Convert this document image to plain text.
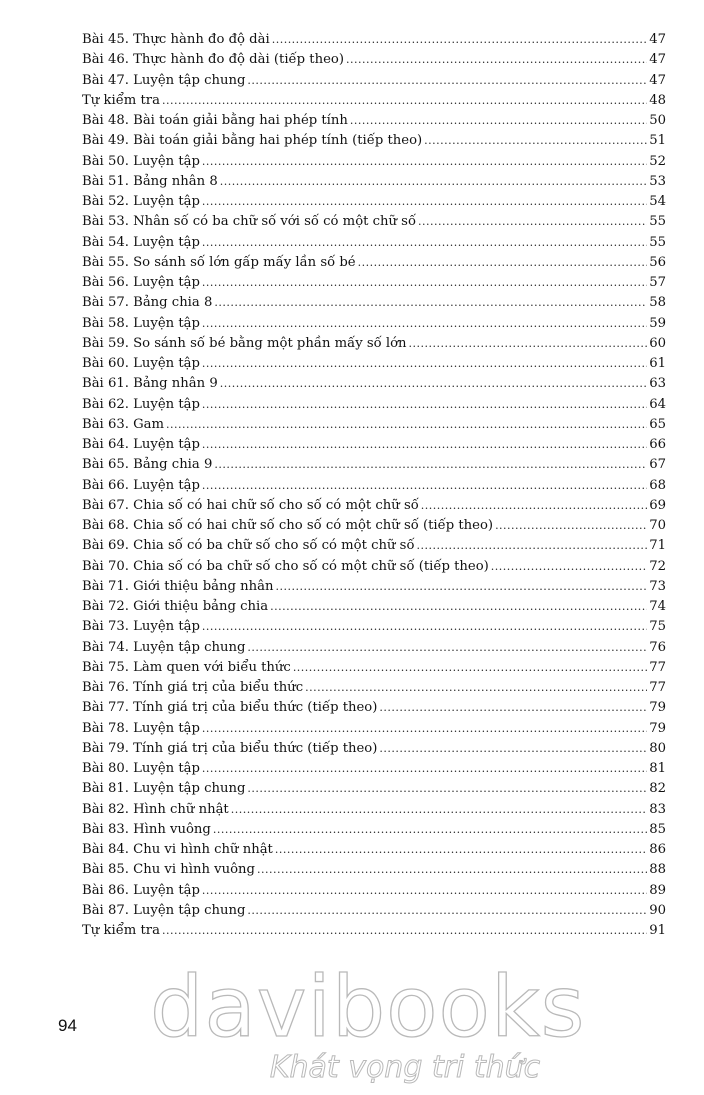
Bài 45. Thực hành đo độ dài .....	47
Bài 46. Thực hành đo độ dài (tiếp theo) .....	47
Bài 47. Luyện tập chung .....	47
Tự kiểm tra .....	48
Bài 48. Bài toán giải bằng hai phép tính .....	50
Bài 49. Bài toán giải bằng hai phép tính (tiếp theo) .....	51
Bài 50. Luyện tập .....	52
Bài 51. Bảng nhân 8 .....	53
Bài 52. Luyện tập .....	54
Bài 53. Nhân số có ba chữ số với số có một chữ số .....	55
Bài 54. Luyện tập .....	55
Bài 55. So sánh số lớn gấp mấy lần số bé .....	56
Bài 56. Luyện tập .....	57
Bài 57. Bảng chia 8 .....	58
Bài 58. Luyện tập .....	59
Bài 59. So sánh số bé bằng một phần mấy số lớn .....	60
Bài 60. Luyện tập .....	61
Bài 61. Bảng nhân 9 .....	63
Bài 62. Luyện tập .....	64
Bài 63. Gam .....	65
Bài 64. Luyện tập .....	66
Bài 65. Bảng chia 9 .....	67
Bài 66. Luyện tập .....	68
Bài 67. Chia số có hai chữ số cho số có một chữ số .....	69
Bài 68. Chia số có hai chữ số cho số có một chữ số (tiếp theo) .....	70
Bài 69. Chia số có ba chữ số cho số có một chữ số .....	71
Bài 70. Chia số có ba chữ số cho số có một chữ số (tiếp theo) .....	72
Bài 71. Giới thiệu bảng nhân .....	73
Bài 72. Giới thiệu bảng chia .....	74
Bài 73. Luyện tập .....	75
Bài 74. Luyện tập chung .....	76
Bài 75. Làm quen với biểu thức .....	77
Bài 76. Tính giá trị của biểu thức .....	77
Bài 77. Tính giá trị của biểu thức (tiếp theo) .....	79
Bài 78. Luyện tập .....	79
Bài 79. Tính giá trị của biểu thức (tiếp theo) .....	80
Bài 80. Luyện tập .....	81
Bài 81. Luyện tập chung .....	82
Bài 82. Hình chữ nhật .....	83
Bài 83. Hình vuông .....	85
Bài 84. Chu vi hình chữ nhật .....	86
Bài 85. Chu vi hình vuông .....	88
Bài 86. Luyện tập .....	89
Bài 87. Luyện tập chung .....	90
Tự kiểm tra .....	91
94 davibooks
Khát vọng tri thức
